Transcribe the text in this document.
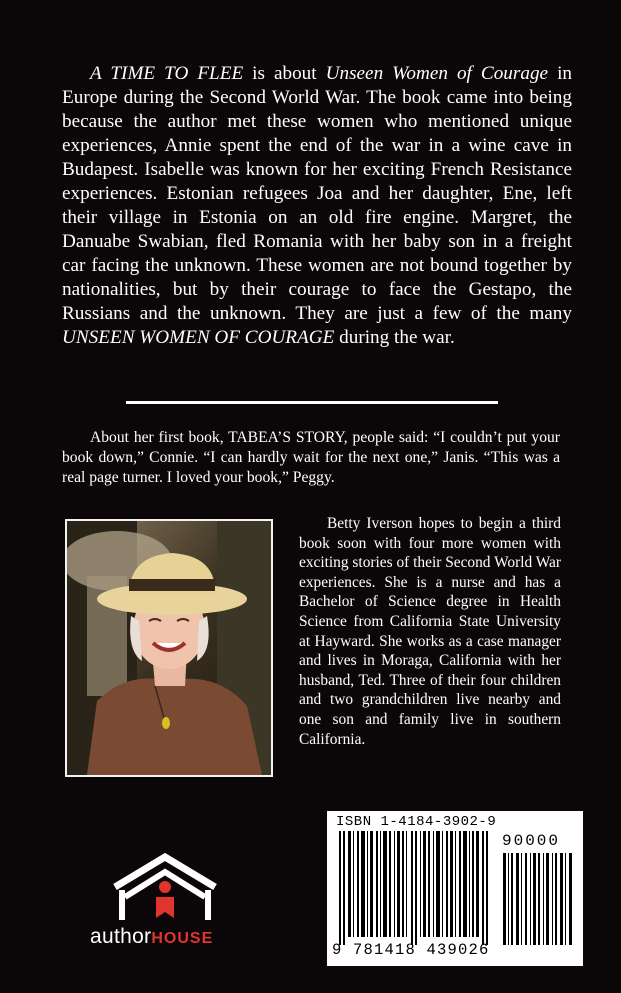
A TIME TO FLEE is about Unseen Women of Courage in Europe during the Second World War. The book came into being because the author met these women who mentioned unique experiences, Annie spent the end of the war in a wine cave in Budapest. Isabelle was known for her exciting French Resistance experiences. Estonian refugees Joa and her daughter, Ene, left their village in Estonia on an old fire engine. Margret, the Danuabe Swabian, fled Romania with her baby son in a freight car facing the unknown. These women are not bound together by nationalities, but by their courage to face the Gestapo, the Russians and the unknown. They are just a few of the many UNSEEN WOMEN OF COURAGE during the war.

About her first book, TABEA’S STORY, people said: “I couldn’t put your book down,” Connie. “I can hardly wait for the next one,” Janis. “This was a real page turner. I loved your book,” Peggy.

Betty Iverson hopes to begin a third book soon with four more women with exciting stories of their Second World War experiences. She is a nurse and has a Bachelor of Science degree in Health Science from California State University at Hayward. She works as a case manager and lives in Moraga, California with her husband, Ted. Three of their four children and two grandchildren live nearby and one son and family live in southern California.

ISBN 1-4184-3902-9
90000
9 781418 439026
authorHOUSE
